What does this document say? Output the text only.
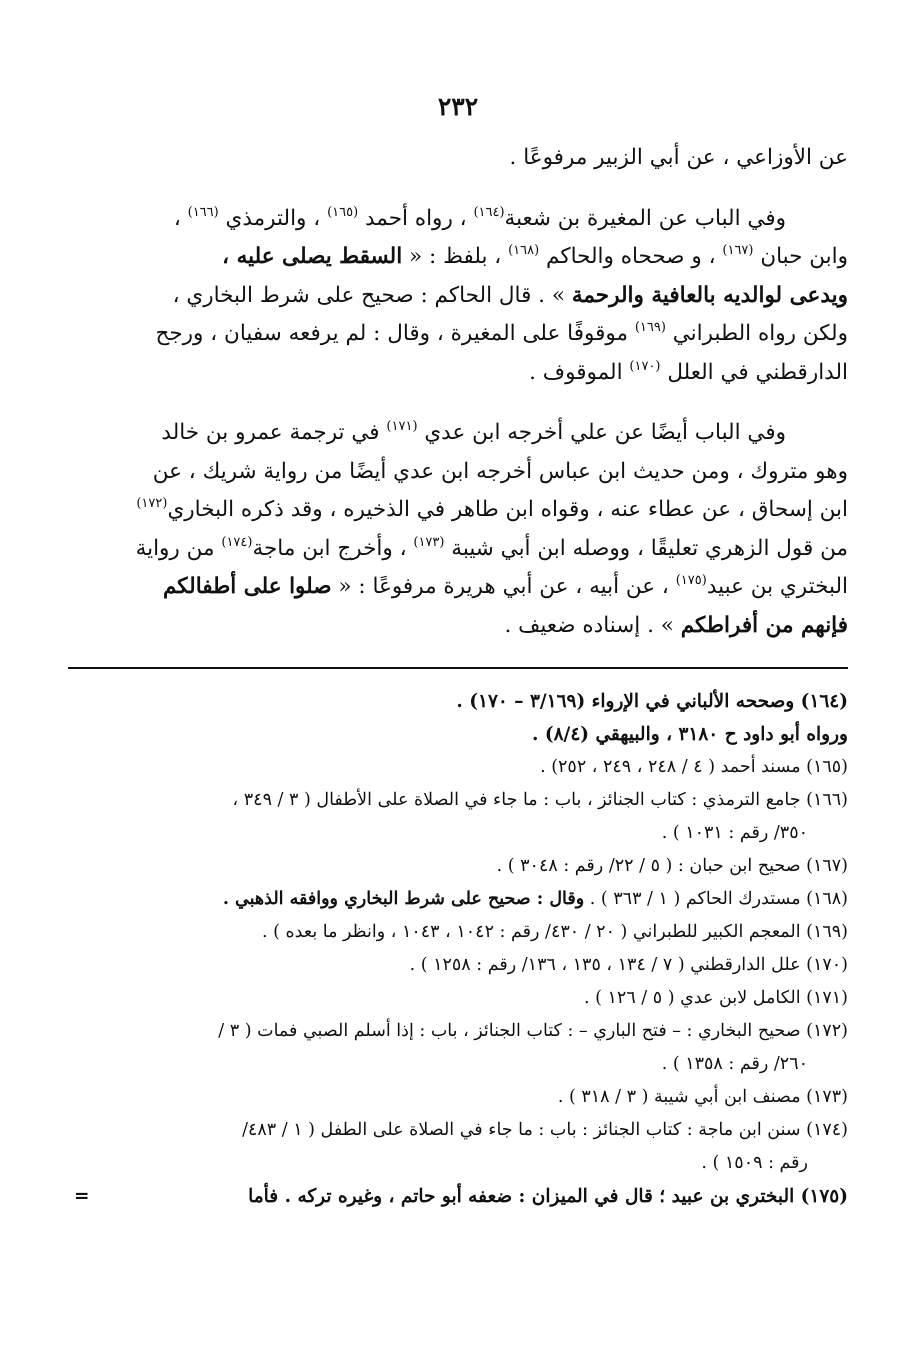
٢٣٢
عن الأوزاعي ، عن أبي الزبير مرفوعًا .
وفي الباب عن المغيرة بن شعبة$^{(١٦٤)}$ ، رواه أحمد $^{(١٦٥)}$ ، والترمذي $^{(١٦٦)}$ ،
وابن حبان $^{(١٦٧)}$ ، و صححاه والحاكم $^{(١٦٨)}$ ، بلفظ : « السقط يصلى عليه ،
ويدعى لوالديه بالعافية والرحمة » . قال الحاكم : صحيح على شرط البخاري ،
ولكن رواه الطبراني $^{(١٦٩)}$ موقوفًا على المغيرة ، وقال : لم يرفعه سفيان ، ورجح
الدارقطني في العلل $^{(١٧٠)}$ الموقوف .
وفي الباب أيضًا عن علي أخرجه ابن عدي $^{(١٧١)}$ في ترجمة عمرو بن خالد
وهو متروك ، ومن حديث ابن عباس أخرجه ابن عدي أيضًا من رواية شريك ، عن
ابن إسحاق ، عن عطاء عنه ، وقواه ابن طاهر في الذخيره ، وقد ذكره البخاري$^{(١٧٢)}$
من قول الزهري تعليقًا ، ووصله ابن أبي شيبة $^{(١٧٣)}$ ، وأخرج ابن ماجة$^{(١٧٤)}$ من رواية
البختري بن عبيد$^{(١٧٥)}$ ، عن أبيه ، عن أبي هريرة مرفوعًا : « صلوا على أطفالكم
فإنهم من أفراطكم » . إسناده ضعيف .
(١٦٤) وصححه الألباني في الإرواء (٣/١٦٩ – ١٧٠) .
ورواه أبو داود ح ٣١٨٠ ، والبيهقي (٨/٤) .
(١٦٥) مسند أحمد ( ٤ / ٢٤٨ ، ٢٤٩ ، ٢٥٢) .
(١٦٦) جامع الترمذي : كتاب الجنائز ، باب : ما جاء في الصلاة على الأطفال ( ٣ / ٣٤٩ ،
٣٥٠/ رقم : ١٠٣١ ) .
(١٦٧) صحيح ابن حبان : ( ٥ / ٢٢/ رقم : ٣٠٤٨ ) .
(١٦٨) مستدرك الحاكم ( ١ / ٣٦٣ ) . وقال : صحيح على شرط البخاري ووافقه الذهبي .
(١٦٩) المعجم الكبير للطبراني ( ٢٠ / ٤٣٠/ رقم : ١٠٤٢ ، ١٠٤٣ ، وانظر ما بعده ) .
(١٧٠) علل الدارقطني ( ٧ / ١٣٤ ، ١٣٥ ، ١٣٦/ رقم : ١٢٥٨ ) .
(١٧١) الكامل لابن عدي ( ٥ / ١٢٦ ) .
(١٧٢) صحيح البخاري : – فتح الباري – : كتاب الجنائز ، باب : إذا أسلم الصبي فمات ( ٣ /
٢٦٠/ رقم : ١٣٥٨ ) .
(١٧٣) مصنف ابن أبي شيبة ( ٣ / ٣١٨ ) .
(١٧٤) سنن ابن ماجة : كتاب الجنائز : باب : ما جاء في الصلاة على الطفل ( ١ / ٤٨٣/
رقم : ١٥٠٩ ) .
(١٧٥) البختري بن عبيد ؛ قال في الميزان : ضعفه أبو حاتم ، وغيره تركه . فأما
=
